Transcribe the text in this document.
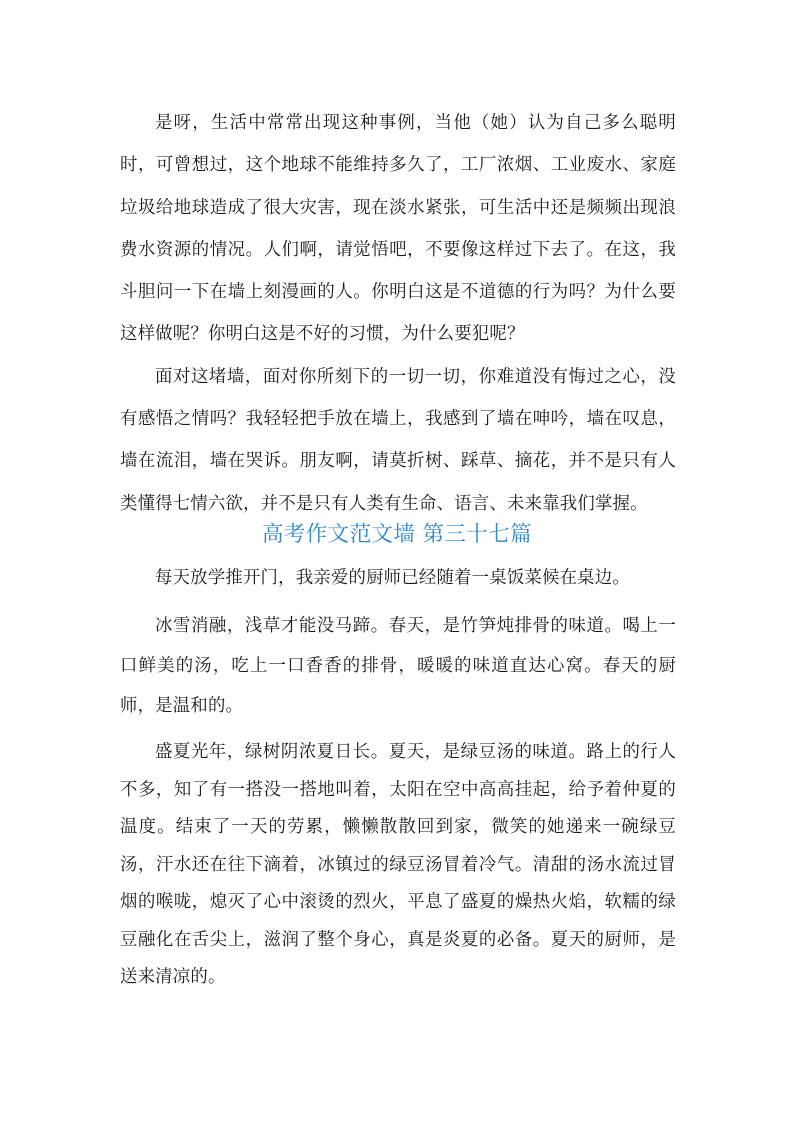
是呀，生活中常常出现这种事例，当他（她）认为自己多么聪明时，可曾想过，这个地球不能维持多久了，工厂浓烟、工业废水、家庭垃圾给地球造成了很大灾害，现在淡水紧张，可生活中还是频频出现浪费水资源的情况。人们啊，请觉悟吧，不要像这样过下去了。在这，我斗胆问一下在墙上刻漫画的人。你明白这是不道德的行为吗？为什么要这样做呢？你明白这是不好的习惯，为什么要犯呢？

面对这堵墙，面对你所刻下的一切一切，你难道没有悔过之心，没有感悟之情吗？我轻轻把手放在墙上，我感到了墙在呻吟，墙在叹息，墙在流泪，墙在哭诉。朋友啊，请莫折树、踩草、摘花，并不是只有人类懂得七情六欲，并不是只有人类有生命、语言、未来靠我们掌握。

高考作文范文墙 第三十七篇

每天放学推开门，我亲爱的厨师已经随着一桌饭菜候在桌边。

冰雪消融，浅草才能没马蹄。春天，是竹笋炖排骨的味道。喝上一口鲜美的汤，吃上一口香香的排骨，暖暖的味道直达心窝。春天的厨师，是温和的。

盛夏光年，绿树阴浓夏日长。夏天，是绿豆汤的味道。路上的行人不多，知了有一搭没一搭地叫着，太阳在空中高高挂起，给予着仲夏的温度。结束了一天的劳累，懒懒散散回到家，微笑的她递来一碗绿豆汤，汗水还在往下滴着，冰镇过的绿豆汤冒着冷气。清甜的汤水流过冒烟的喉咙，熄灭了心中滚烫的烈火，平息了盛夏的燥热火焰，软糯的绿豆融化在舌尖上，滋润了整个身心，真是炎夏的必备。夏天的厨师，是送来清凉的。
